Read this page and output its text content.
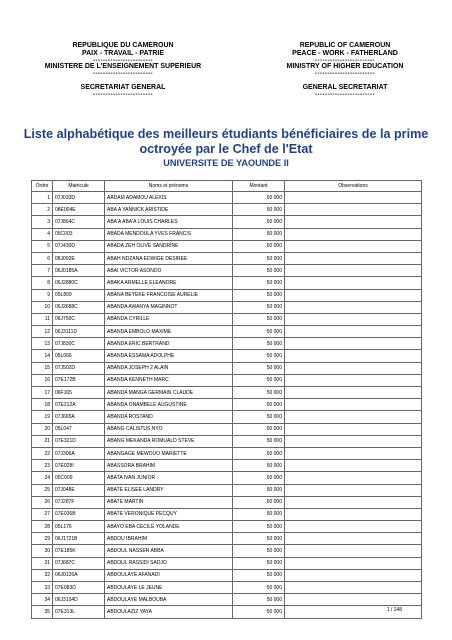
REPUBLIQUE DU CAMEROUN
PAIX - TRAVAIL - PATRIE
------------------------
MINISTERE DE L'ENSEIGNEMENT SUPERIEUR
------------------------
SECRETARIAT GENERAL
------------------------
REPUBLIC OF CAMEROUN
PEACE - WORK - FATHERLAND
------------------------
MINISTRY OF HIGHER EDUCATION
------------------------
GENERAL SECRETARIAT
------------------------
Liste alphabétique des meilleurs étudiants bénéficiaires de la prime octroyée par le Chef de l'Etat
UNIVERSITE DE YAOUNDE II
Ordre	Matricule	Noms et prénoms	Montant	Observations
1	07J033D	AADAM ADAMOU ALEXIS	50 000	
2	08E004E	ABA A YANNICK ARISTIDE	50 000	
3	07J864C	ABA'A ABA'A LOUIS CHARLES	50 000	
4	05C003	ABADA MENDOULA YVES FRANCIS	50 000	
5	07J430D	ABADA ZEH OLIVE SANDRINE	50 000	
6	08J092E	ABAH NDZANA EDWIGE DESIREE	50 000	
7	06J0185A	ABAI VICTOR ASONDO	50 000	
8	06J2880C	ABAKA ARMELLE ELEANORE	50 000	
9	05L809	ABANA BEYEKE FRANCOISE AURELIE	50 000	
10	06J2688C	ABANDA AWANYA MAGINNOT	50 000	
11	06J750C	ABANDA CYRILLE	50 000	
12	06J3111D	ABANDA EMBOLO MAXIME	50 000	
13	07J830C	ABANDA ERIC BERTRAND	50 000	
14	05L066	ABANDA ESSAMA ADOLPHE	50 000	
15	07J502D	ABANDA JOSEPH 2 ALAIN	50 000	
16	07E172B	ABANDA KENNETH MARC	50 000	
17	06F165	ABANDA MANGA GERMAIN CLAUDE	50 000	
18	07E212A	ABANDA ONAMBELE AUGUSTINE	50 000	
19	07J665A	ABANDA ROSTAND	50 000	
20	05L047	ABANG CALISTUS NYO	50 000	
21	07E321D	ABANG MEKANDA ROMUALD STEVE	50 000	
22	07J306A	ABANGAGE MEWOUO MARIETTE	50 000	
23	07E028I	ABASSORA BRAHIM	50 000	
24	05C009	ABATA IVAN JUNIOR	50 000	
25	07J048E	ABATE ELISEE LANDRY	50 000	
26	07J287F	ABATE MARTIN	50 000	
27	07E036B	ABATE VERONIQUE PECQUY	50 000	
28	05L176	ABAYO EBA CECILE YOLANDE	50 000	
29	06J1721B	ABDOU IBRAHIM	50 000	
30	07E185K	ABDOUL NASSER ABBA	50 000	
31	07J687C	ABDOUL RASSIDI SADJO	50 000	
32	06J0126A	ABDOULAYE AFANADI	50 000	
33	07E083D	ABDOULAYE LE JEUNE	50 000	
34	06J3104D	ABDOULAYE MALBOUBA	50 000	
35	07E313L	ABDOULAZIZ YAYA	50 000		1 / 148
